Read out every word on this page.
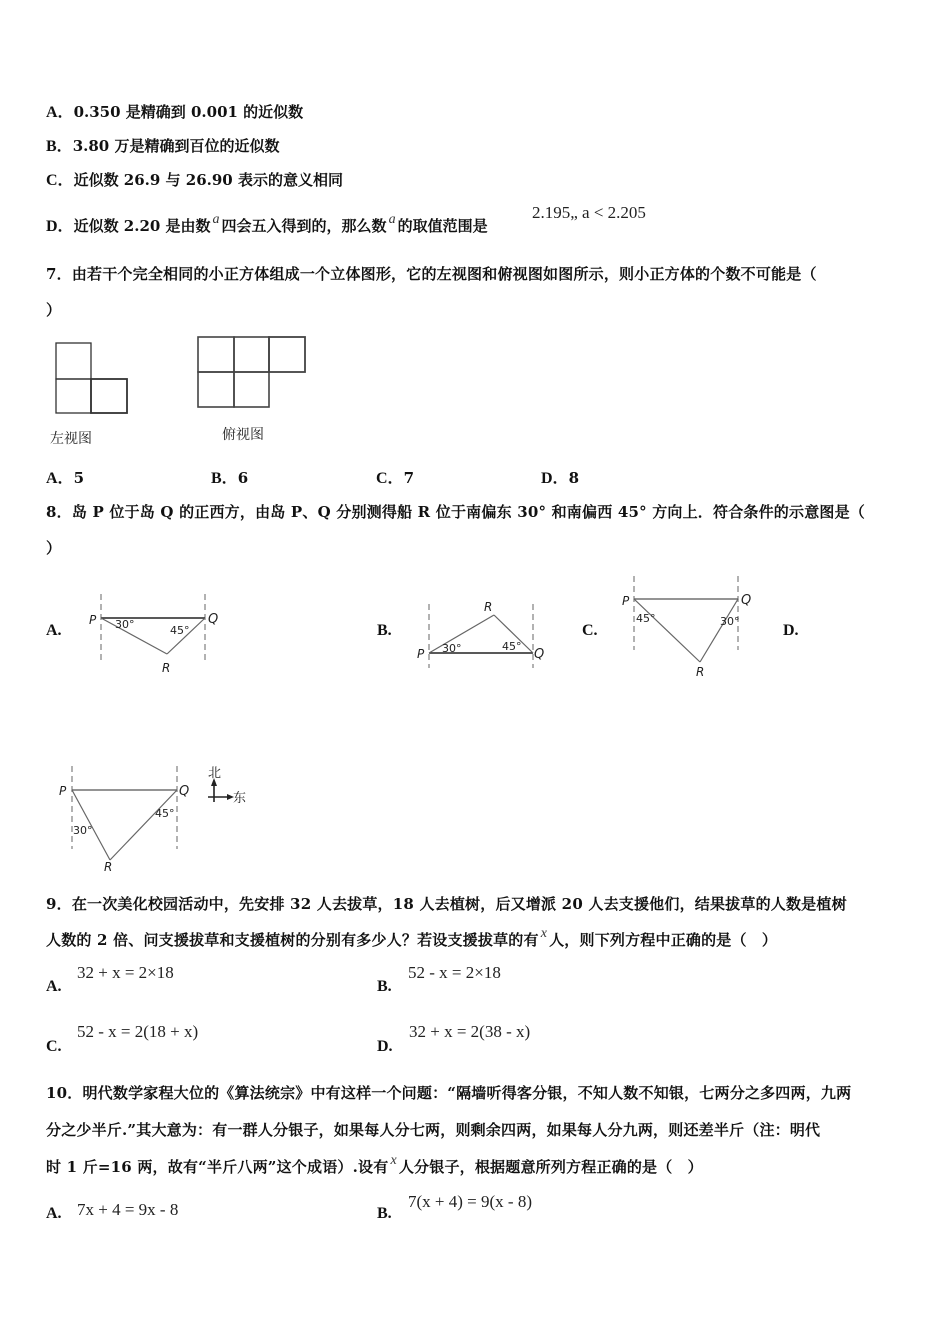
A．0.350 是精确到 0.001 的近似数
B．3.80 万是精确到百位的近似数
C．近似数 26.9 与 26.90 表示的意义相同
D．近似数 2.20 是由数 a 四会五入得到的，那么数 a 的取值范围是
2.195„ a < 2.205
7．由若干个完全相同的小正方体组成一个立体图形，它的左视图和俯视图如图所示，则小正方体的个数不可能是（
）
左视图	俯视图
A．5	B．6	C．7	D．8
8．岛 P 位于岛 Q 的正西方，由岛 P、Q 分别测得船 R 位于南偏东 30° 和南偏西 45° 方向上．符合条件的示意图是（
）
A.
P	Q
R
30°	45°	B.
P	Q
R
30°	45°
C.
P	Q
R
45°	30°
D.
P	Q
R
30°
45°
北
东
9．在一次美化校园活动中，先安排 32 人去拔草，18 人去植树，后又增派 20 人去支援他们，结果拔草的人数是植树
人数的 2 倍、问支援拔草和支援植树的分别有多少人？若设支援拔草的有 x 人，则下列方程中正确的是（　）
A.
32 + x = 2×18
B.
52 - x = 2×18
C.
52 - x = 2(18 + x)
D.
32 + x = 2(38 - x)
10．明代数学家程大位的《算法统宗》中有这样一个问题：“隔墙听得客分银，不知人数不知银，七两分之多四两，九两
分之少半斤.”其大意为：有一群人分银子，如果每人分七两，则剩余四两，如果每人分九两，则还差半斤（注：明代
时 1 斤=16 两，故有“半斤八两”这个成语）.设有 x 人分银子，根据题意所列方程正确的是（　）
A. 7x + 4 = 9x - 8	B.
7(x + 4) = 9(x - 8)
